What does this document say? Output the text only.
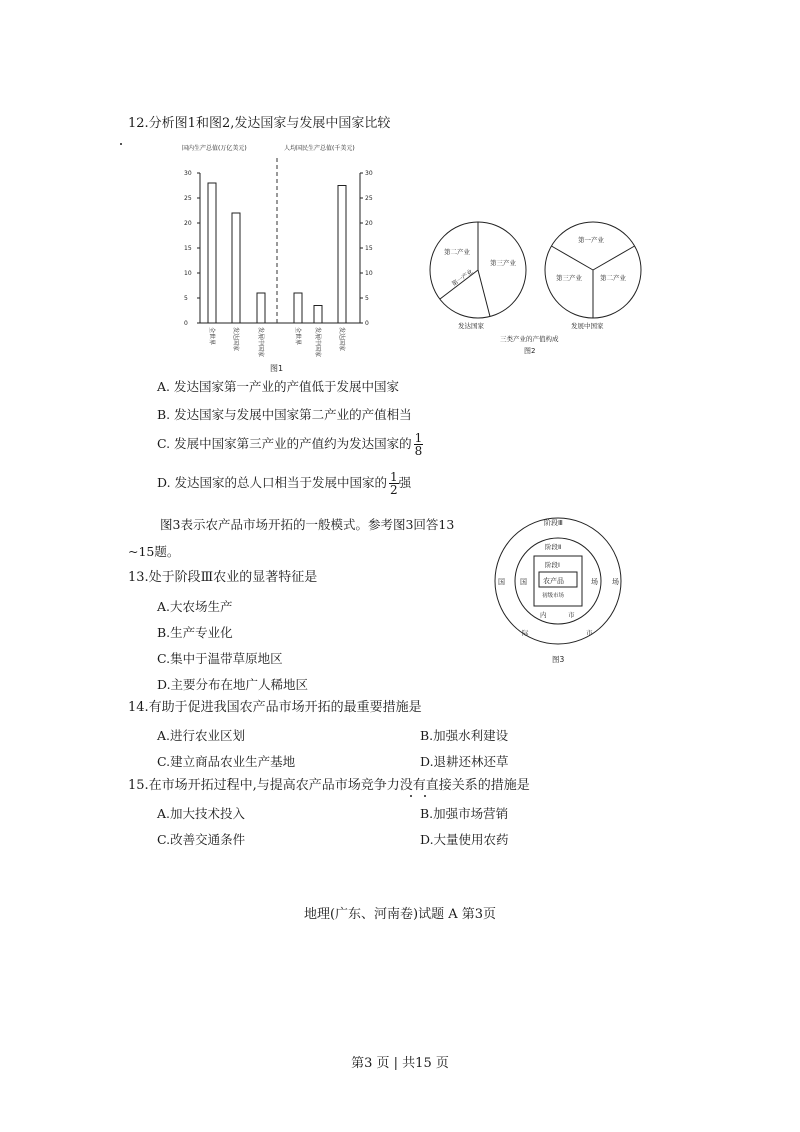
12.分析图1和图2,发达国家与发展中国家比较
国内生产总值(万亿美元)	人均国民生产总值(千美元)
30
25
20
15
10
5
0
30
25
20
15
10
5
0
全世界	发达国家	发展中国家	全世界 发展中国家	发达国家
图1
第二产业
第三产业
第一产业
发达国家
第一产业
第三产业	第二产业
发展中国家
三类产业的产值构成
图2
A. 发达国家第一产业的产值低于发展中国家
B. 发达国家与发展中国家第二产业的产值相当
C. 发展中国家第三产业的产值约为发达国家的 $\frac{1}{8}$
D. 发达国家的总人口相当于发展中国家的 $\frac{1}{2}$ 强
图3表示农产品市场开拓的一般模式。参考图3回答13
~15题。
阶段Ⅲ
阶段Ⅱ
阶段Ⅰ
农产品
初级市场
国	场
国	场
内	市
际	市
图3
13.处于阶段Ⅲ农业的显著特征是
A.大农场生产
B.生产专业化
C.集中于温带草原地区
D.主要分布在地广人稀地区
14.有助于促进我国农产品市场开拓的最重要措施是
A.进行农业区划	B.加强水利建设
C.建立商品农业生产基地	D.退耕还林还草
15.在市场开拓过程中,与提高农产品市场竞争力没有直接关系的措施是
A.加大技术投入	B.加强市场营销
C.改善交通条件	D.大量使用农药
地理(广东、河南卷)试题 A 第3页
第3 页 | 共15 页
